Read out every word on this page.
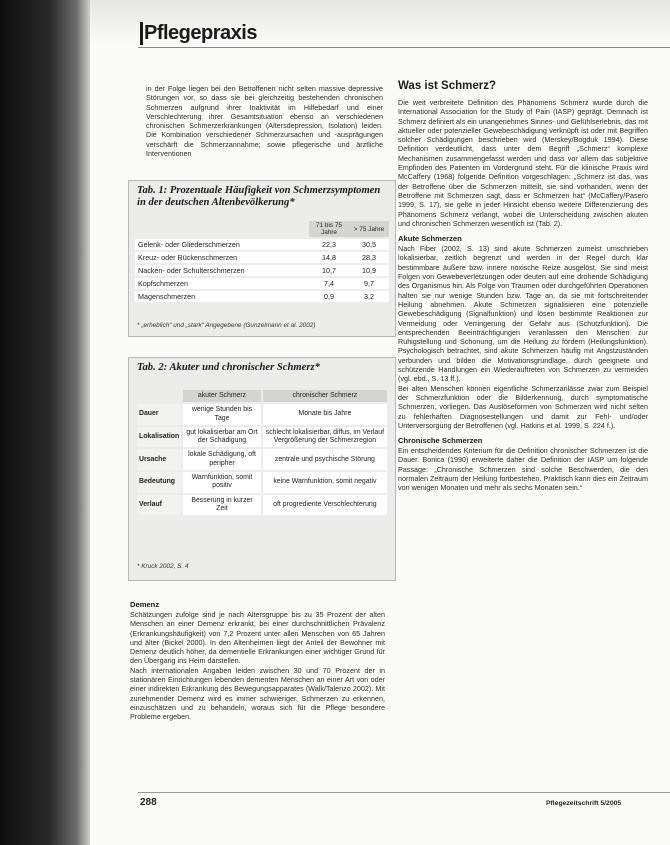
Pflegepraxis
in der Folge liegen bei den Betroffenen nicht selten massive depressive Störungen vor, so dass sie bei gleichzeitig bestehenden chronischen Schmerzen aufgrund ihrer Inaktivität im Hilfebedarf und einer Verschlechterung ihrer Gesamtsituation ebenso an verschiedenen chronischen Schmerzerkrankungen (Altersdepression, Isolation) leiden. Die Kombination verschiedener Schmerzursachen und -ausprägungen verschärft die Schmerzannahme; sowie pflegerische und ärztliche Interventionen
Tab. 1: Prozentuale Häufigkeit von Schmerzsymptomen in der deutschen Altenbevölkerung*
	71 bis 75 Jahre	> 75 Jahre
Gelenk- oder Gliederschmerzen	22,3	30,5
Kreuz- oder Rückenschmerzen	14,8	28,3
Nacken- oder Schulterschmerzen	10,7	10,9
Kopfschmerzen	7,4	9,7
Magenschmerzen	0,9	3,2
* „erheblich“ und „stark“ Angegebene (Gunzelmann et al. 2002)
Tab. 2: Akuter und chronischer Schmerz*
	akuter Schmerz	chronischer Schmerz
Dauer	wenige Stunden bis Tage	Monate bis Jahre
Lokalisation	gut lokalisierbar am Ort der Schädigung	schlecht lokalisierbar, diffus, im Verlauf Vergrößerung der Schmerzregion
Ursache	lokale Schädigung, oft peripher	zentrale und psychische Störung
Bedeutung	Warnfunktion, somit positiv	keine Warnfunktion, somit negativ
Verlauf	Besserung in kurzer Zeit	oft progrediente Verschlechterung
* Kruck 2002, S. 4
Was ist Schmerz?
Die weit verbreitete Definition des Phänomens Schmerz wurde durch die International Association for the Study of Pain (IASP) geprägt. Demnach ist Schmerz definiert als ein unangenehmes Sinnes- und Gefühlserlebnis, das mit aktueller oder potenzieller Gewebeschädigung verknüpft ist oder mit Begriffen solcher Schädigungen beschrieben wird (Merskey/Bogduk 1994). Diese Definition verdeutlicht, dass unter dem Begriff „Schmerz“ komplexe Mechanismen zusammengefasst werden und dass vor allem das subjektive Empfinden des Patienten im Vordergrund steht. Für die klinische Praxis wird McCaffery (1968) folgende Definition vorgeschlagen: „Schmerz ist das, was der Betroffene über die Schmerzen mitteilt, sie sind vorhanden, wenn der Betroffene mit Schmerzen sagt, dass er Schmerzen hat“ (McCaffery/Pasero 1999, S. 17), sie gelte in jeder Hinsicht ebenso weitere Differenzierung des Phänomens Schmerz verlangt, wobei die Unterscheidung zwischen akuten und chronischen Schmerzen wesentlich ist (Tab. 2).
Akute Schmerzen
Nach Fiber (2002, S. 13) sind akute Schmerzen zumeist umschrieben lokalisierbar, zeitlich begrenzt und werden in der Regel durch klar bestimmbare äußere bzw. innere noxische Reize ausgelöst. Sie sind meist Folgen von Gewebeverletzungen oder deuten auf eine drohende Schädigung des Organismus hin. Als Folge von Traumen oder durchgeführten Operationen halten sie nur wenige Stunden bzw. Tage an, da sie mit fortschreitender Heilung abnehmen. Akute Schmerzen signalisieren eine potenzielle Gewebeschädigung (Signalfunktion) und lösen bestimmte Reaktionen zur Vermeidung oder Verringerung der Gefahr aus (Schutzfunktion). Die entsprechenden Beeinträchtigungen veranlassen den Menschen zur Ruhigstellung und Schonung, um die Heilung zu fördern (Heilungsfunktion). Psychologisch betrachtet, sind akute Schmerzen häufig mit Angstzuständen verbunden und bilden die Motivationsgrundlage, durch geeignete und schützende Handlungen ein Wiederauftreten von Schmerzen zu vermeiden (vgl. ebd., S. 13 ff.).
Bei alten Menschen können eigentliche Schmerzanlässe zwar zum Beispiel der Schmerzfunktion oder die Bilderkennung, durch symptomatische Schmerzen, vorliegen. Das Auslöseformen von Schmerzen wird nicht selten zu fehlerhaften Diagnosestellungen und damit zur Fehl- und/oder Unterversorgung der Betroffenen (vgl. Hatkins et al. 1999, S. 224 f.).
Chronische Schmerzen
Ein entscheidendes Kriterium für die Definition chronischer Schmerzen ist die Dauer. Bonica (1990) erweiterte daher die Definition der IASP um folgende Passage: „Chronische Schmerzen sind solche Beschwerden, die den normalen Zeitraum der Heilung fortbestehen. Praktisch kann dies ein Zeitraum von wenigen Monaten und mehr als sechs Monaten sein.“
Demenz
Schätzungen zufolge sind je nach Altersgruppe bis zu 35 Prozent der alten Menschen an einer Demenz erkrankt, bei einer durchschnittlichen Prävalenz (Erkrankungshäufigkeit) von 7,2 Prozent unter allen Menschen von 65 Jahren und älter (Bickel 2000). In den Altenheimen liegt der Anteil der Bewohner mit Demenz deutlich höher, da dementielle Erkrankungen einer wichtiger Grund für den Übergang ins Heim darstellen.
Nach internationalen Angaben leiden zwischen 30 und 70 Prozent der in stationären Einrichtungen lebenden dementen Menschen an einer Art von oder einer indirekten Erkrankung des Bewegungsapparates (Walk/Talenzo 2002). Mit zunehmender Demenz wird es immer schwieriger, Schmerzen zu erkennen, einzuschätzen und zu behandeln, woraus sich für die Pflege besondere Probleme ergeben.
288	Pflegezeitschrift 5/2005
